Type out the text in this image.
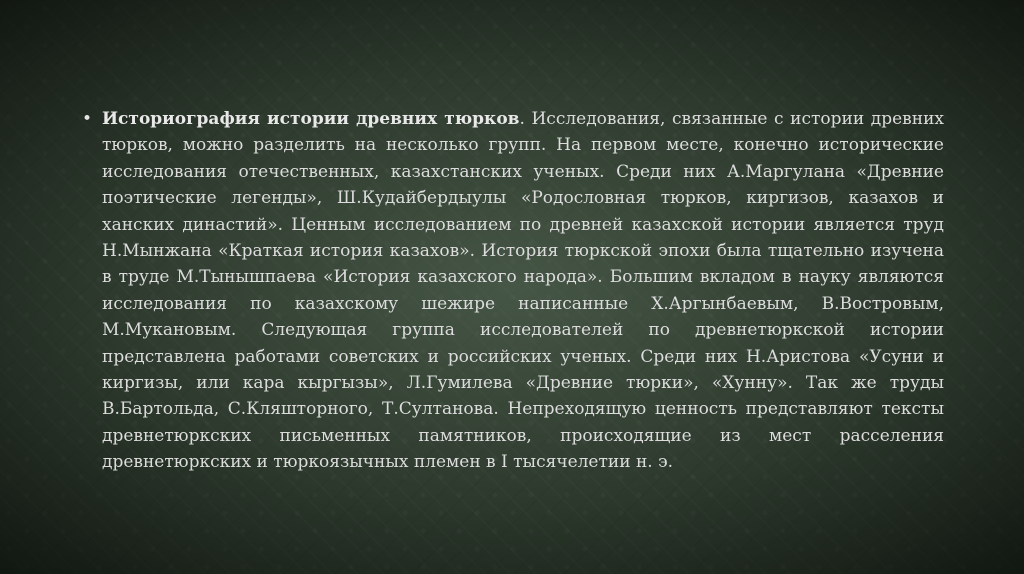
• Историография истории древних тюрков. Исследования, связанные с истории древних тюрков, можно разделить на несколько групп. На первом месте, конечно исторические исследования отечественных, казахстанских ученых. Среди них А.Маргулана «Древние поэтические легенды», Ш.Кудайбердыулы «Родословная тюрков, киргизов, казахов и ханских династий». Ценным исследованием по древней казахской истории является труд Н.Мынжана «Краткая история казахов». История тюркской эпохи была тщательно изучена в труде М.Тынышпаева «История казахского народа». Большим вкладом в науку являются исследования по казахскому шежире написанные Х.Аргынбаевым, В.Востровым, М.Мукановым. Следующая группа исследователей по древнетюркской истории представлена работами советских и российских ученых. Среди них Н.Аристова «Усуни и киргизы, или кара кыргызы», Л.Гумилева «Древние тюрки», «Хунну». Так же труды В.Бартольда, С.Кляшторного, Т.Султанова. Непреходящую ценность представляют тексты древнетюркских письменных памятников, происходящие из мест расселения древнетюркских и тюркоязычных племен в I тысячелетии н. э.
